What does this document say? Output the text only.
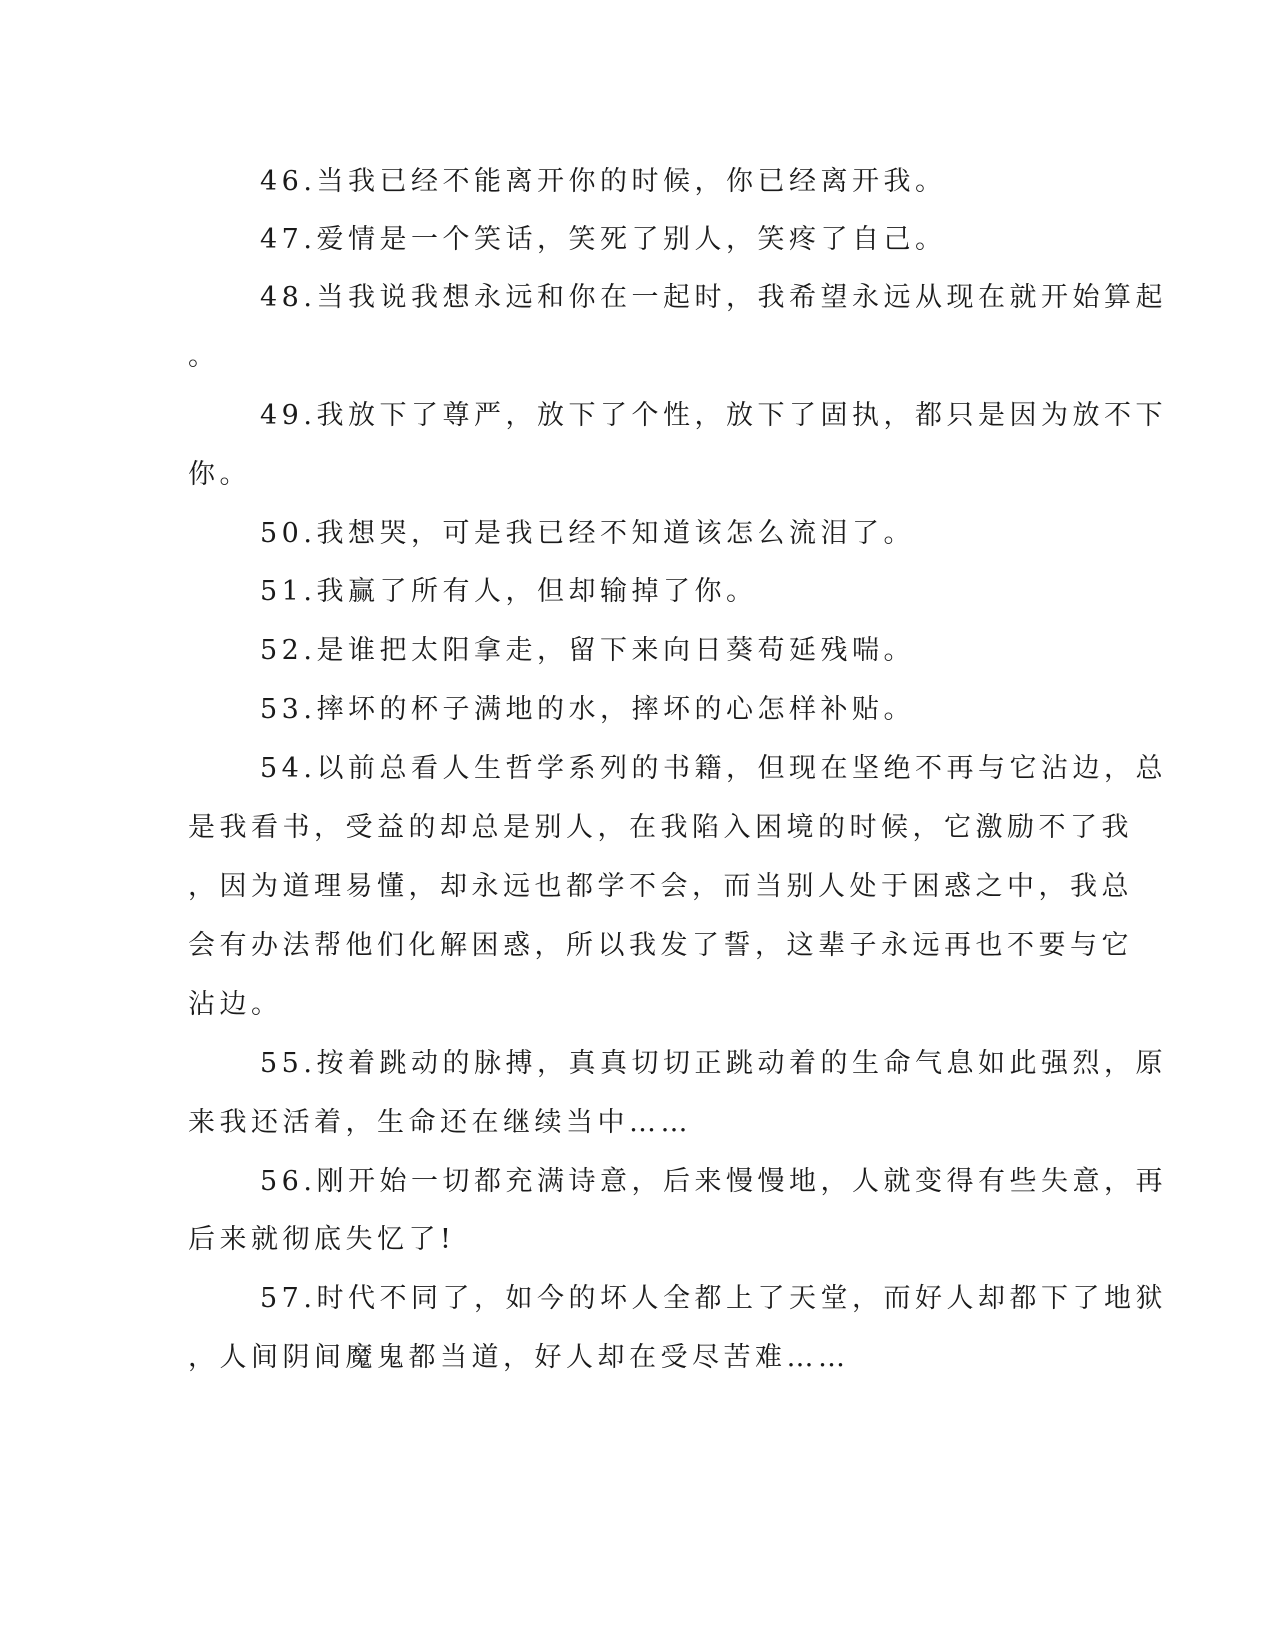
46.当我已经不能离开你的时候，你已经离开我。
47.爱情是一个笑话，笑死了别人，笑疼了自己。
48.当我说我想永远和你在一起时，我希望永远从现在就开始算起
。
49.我放下了尊严，放下了个性，放下了固执，都只是因为放不下
你。
50.我想哭，可是我已经不知道该怎么流泪了。
51.我赢了所有人，但却输掉了你。
52.是谁把太阳拿走，留下来向日葵苟延残喘。
53.摔坏的杯子满地的水，摔坏的心怎样补贴。
54.以前总看人生哲学系列的书籍，但现在坚绝不再与它沾边，总
是我看书，受益的却总是别人，在我陷入困境的时候，它激励不了我
，因为道理易懂，却永远也都学不会，而当别人处于困惑之中，我总
会有办法帮他们化解困惑，所以我发了誓，这辈子永远再也不要与它
沾边。
55.按着跳动的脉搏，真真切切正跳动着的生命气息如此强烈，原
来我还活着，生命还在继续当中……
56.刚开始一切都充满诗意，后来慢慢地，人就变得有些失意，再
后来就彻底失忆了!
57.时代不同了，如今的坏人全都上了天堂，而好人却都下了地狱
，人间阴间魔鬼都当道，好人却在受尽苦难……
